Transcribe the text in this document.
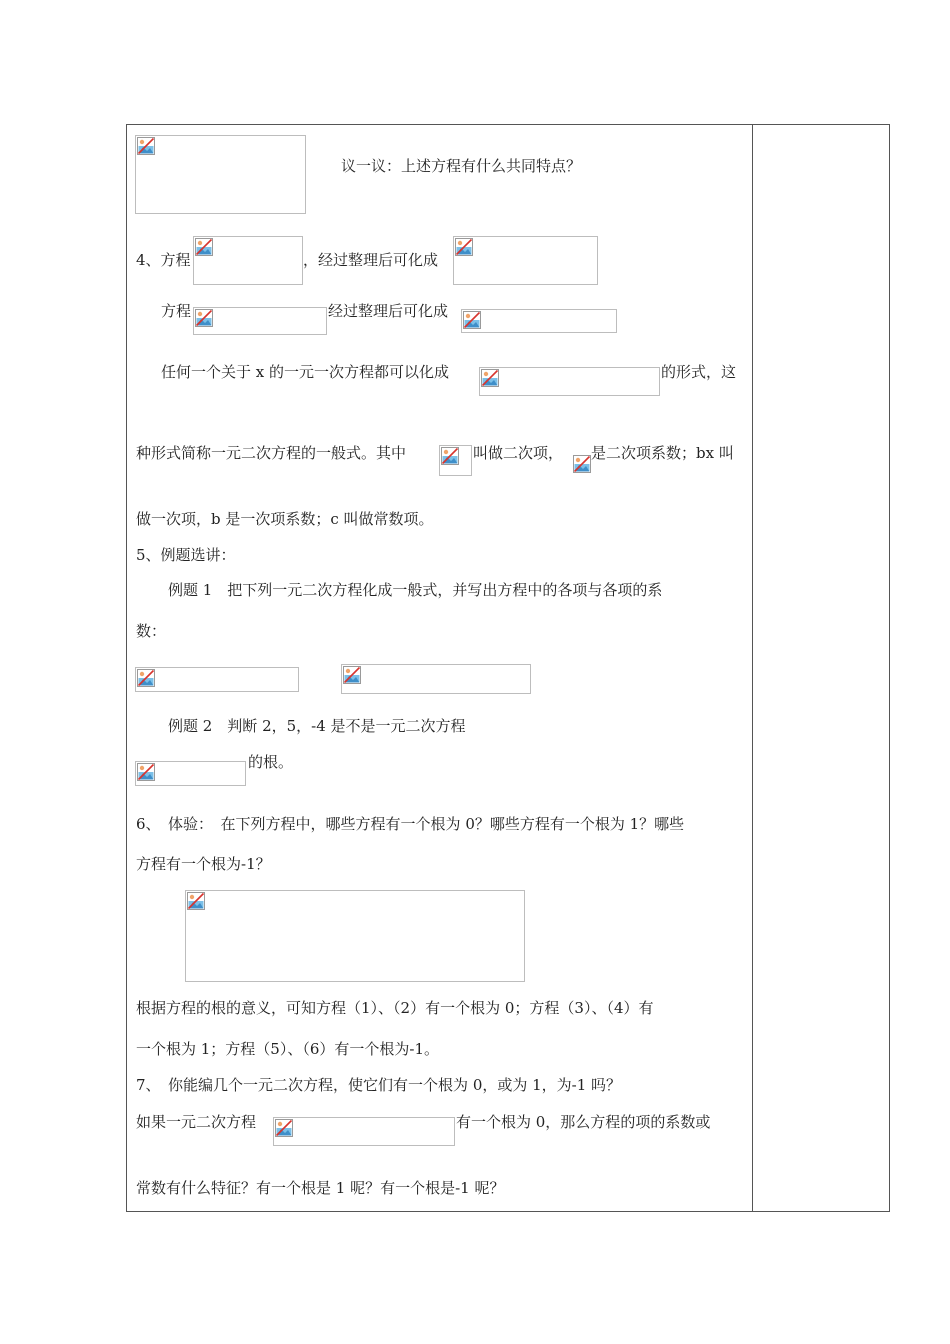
议一议：上述方程有什么共同特点？
4、方程	，经过整理后可化成
方程	经过整理后可化成
任何一个关于 x 的一元一次方程都可以化成	的形式，这
种形式简称一元二次方程的一般式。其中	叫做二次项， 是二次项系数；bx 叫
做一次项，b 是一次项系数；c 叫做常数项。
5、例题选讲：
例题 1　把下列一元二次方程化成一般式，并写出方程中的各项与各项的系
数：
例题 2　判断 2，5，-4 是不是一元二次方程
的根。
6、　体验：　在下列方程中，哪些方程有一个根为 0？哪些方程有一个根为 1？哪些
方程有一个根为-1？
根据方程的根的意义，可知方程（1）、（2）有一个根为 0；方程（3）、（4）有
一个根为 1；方程（5）、（6）有一个根为-1。
7、　你能编几个一元二次方程，使它们有一个根为 0，或为 1，为-1 吗？
如果一元二次方程	有一个根为 0，那么方程的项的系数或
常数有什么特征？有一个根是 1 呢？有一个根是-1 呢？
